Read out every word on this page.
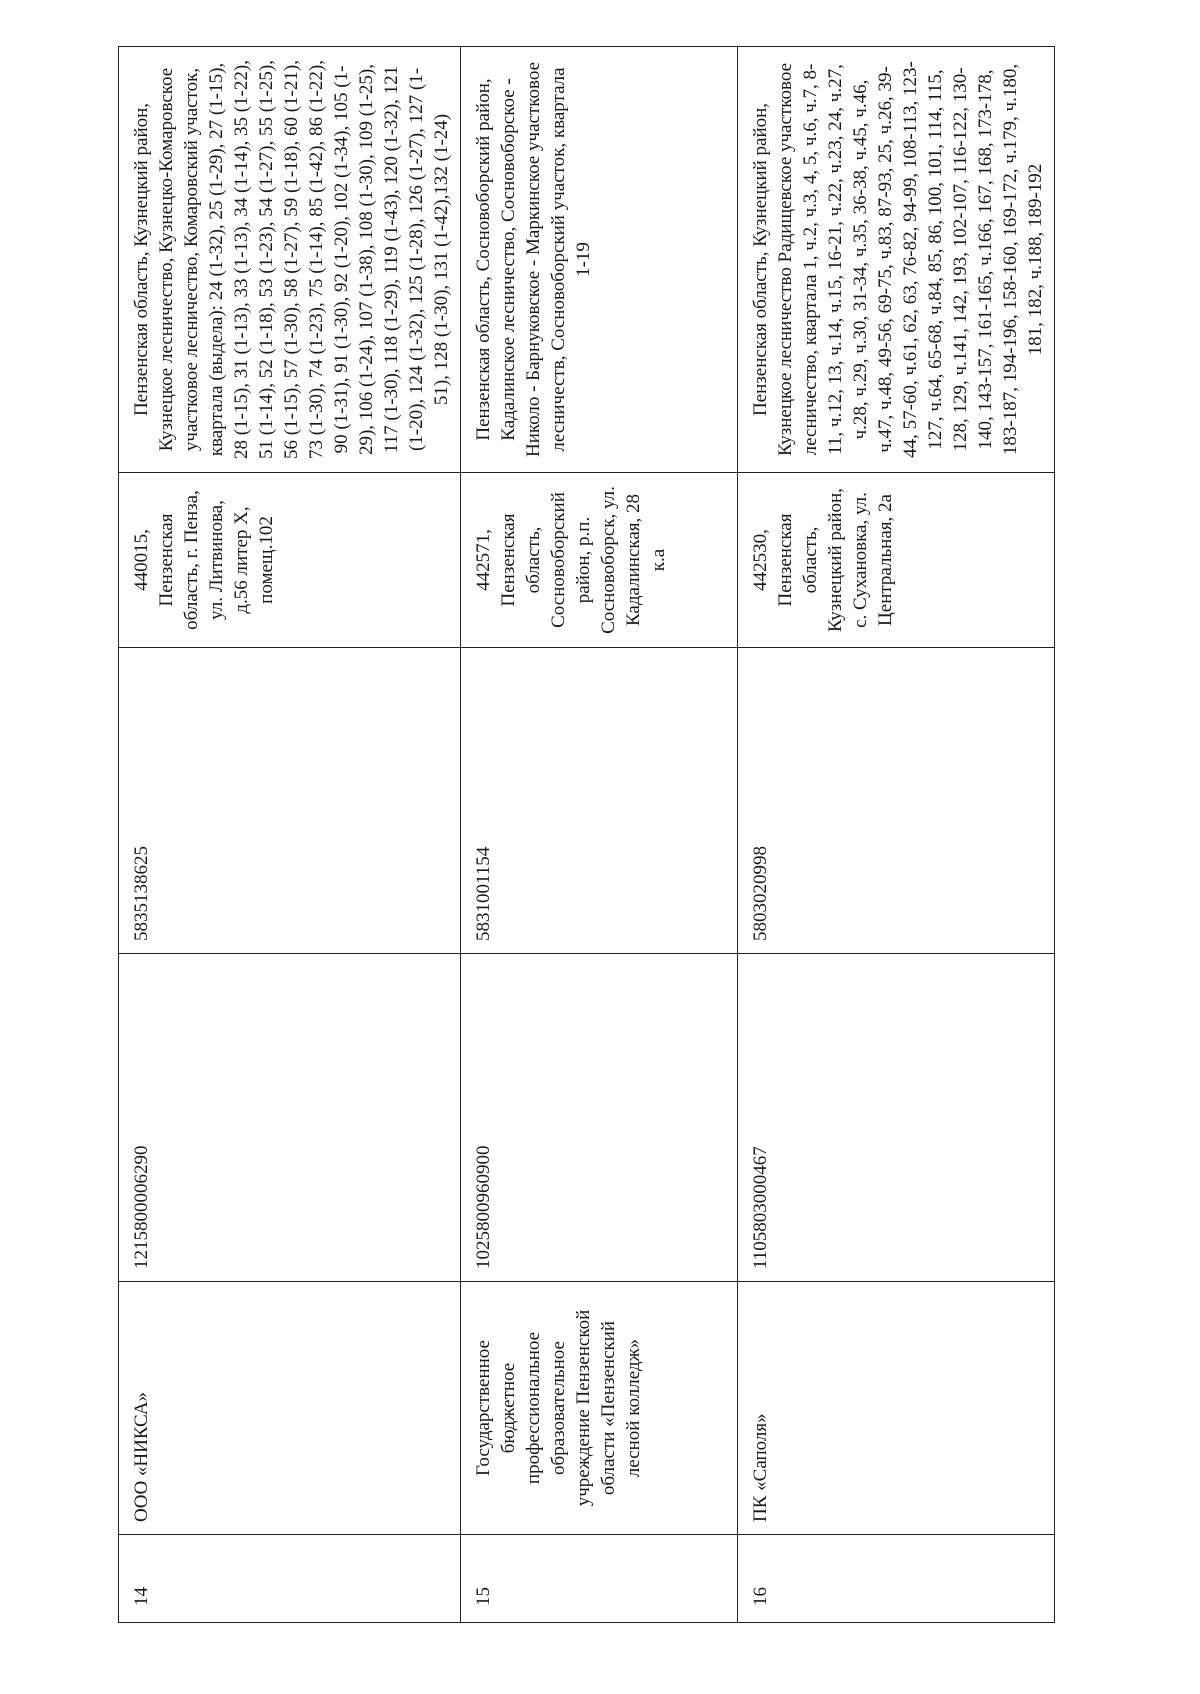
14	ООО «НИКСА»	1215800006290	5835138625	440015, Пензенская область, г. Пенза, ул. Литвинова, д.56 литер Х, помещ.102	Пензенская область, Кузнецкий район, Кузнецкое лесничество, Кузнецко-Комаровское участковое лесничество, Комаровский участок, квартала (выдела): 24 (1-32), 25 (1-29), 27 (1-15), 28 (1-15), 31 (1-13), 33 (1-13), 34 (1-14), 35 (1-22), 51 (1-14), 52 (1-18), 53 (1-23), 54 (1-27), 55 (1-25), 56 (1-15), 57 (1-30), 58 (1-27), 59 (1-18), 60 (1-21), 73 (1-30), 74 (1-23), 75 (1-14), 85 (1-42), 86 (1-22), 90 (1-31), 91 (1-30), 92 (1-20), 102 (1-34), 105 (1-29), 106 (1-24), 107 (1-38), 108 (1-30), 109 (1-25), 117 (1-30), 118 (1-29), 119 (1-43), 120 (1-32), 121 (1-20), 124 (1-32), 125 (1-28), 126 (1-27), 127 (1-51), 128 (1-30), 131 (1-42),132 (1-24)
15	Государственное бюджетное профессиональное образовательное учреждение Пензенской области «Пензенский лесной колледж»	1025800960900	5831001154	442571, Пензенская область, Сосновоборский район, р.п. Сосновоборск, ул. Кадалинская, 28 к.а	Пензенская область, Сосновоборский район, Кадалинское лесничество, Сосновоборское - Николо - Барнуковское - Маркинское участковое лесничеств, Сосновоборский участок, квартала 1-19
16	ПК «Саполя»	1105803000467	5803020998	442530, Пензенская область, Кузнецкий район, с. Сухановка, ул. Центральная, 2а	Пензенская область, Кузнецкий район, Кузнецкое лесничество Радищевское участковое лесничество, квартала 1, ч.2, ч.3, 4, 5, ч.6, ч.7, 8-11, ч.12, 13, ч.14, ч.15, 16-21, ч.22, ч.23, 24, ч.27, ч.28, ч.29, ч.30, 31-34, ч.35, 36-38, ч.45, ч.46, ч.47, ч.48, 49-56, 69-75, ч.83, 87-93, 25, ч.26, 39-44, 57-60, ч.61, 62, 63, 76-82, 94-99, 108-113, 123-127, ч.64, 65-68, ч.84, 85, 86, 100, 101, 114, 115, 128, 129, ч.141, 142, 193, 102-107, 116-122, 130-140, 143-157, 161-165, ч.166, 167, 168, 173-178, 183-187, 194-196, 158-160, 169-172, ч.179, ч.180, 181, 182, ч.188, 189-192
